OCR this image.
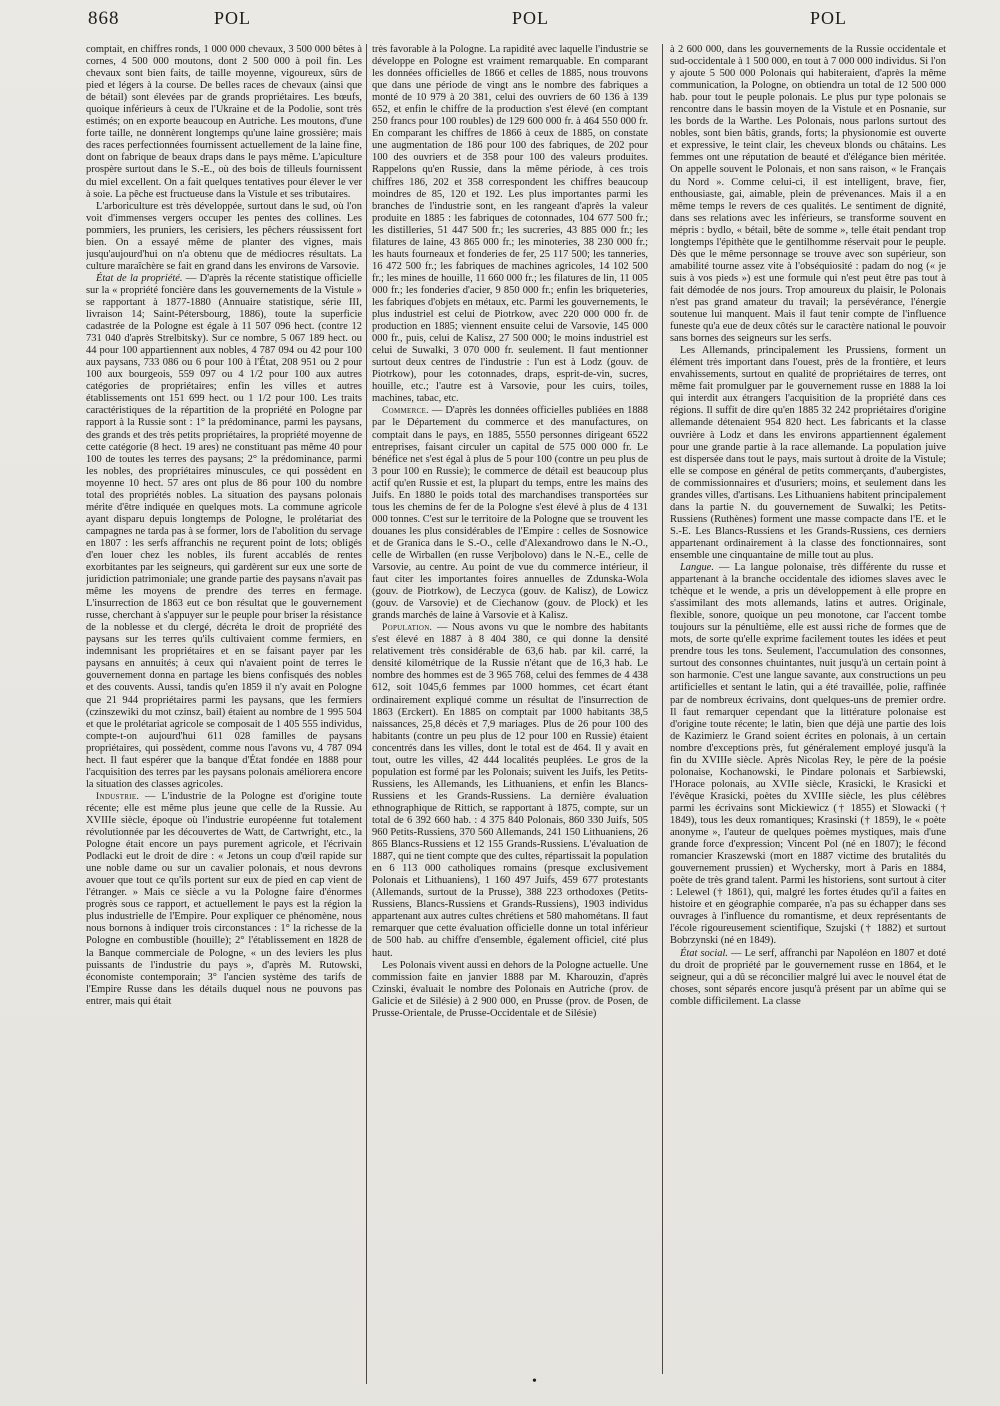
868	POL	POL	POL

comptait, en chiffres ronds, 1 000 000 chevaux, 3 500 000 bêtes à cornes, 4 500 000 moutons, dont 2 500 000 à poil fin. Les chevaux sont bien faits, de taille moyenne, vigoureux, sûrs de pied et légers à la course. De belles races de chevaux (ainsi que de bétail) sont élevées par de grands propriétaires. Les bœufs, quoique inférieurs à ceux de l'Ukraine et de la Podolie, sont très estimés; on en exporte beaucoup en Autriche. Les moutons, d'une forte taille, ne donnèrent longtemps qu'une laine grossière; mais des races perfectionnées fournissent actuellement de la laine fine, dont on fabrique de beaux draps dans le pays même. L'apiculture prospère surtout dans le S.-E., où des bois de tilleuls fournissent du miel excellent. On a fait quelques tentatives pour élever le ver à soie. La pêche est fructueuse dans la Vistule et ses tributaires.

L'arboriculture est très développée, surtout dans le sud, où l'on voit d'immenses vergers occuper les pentes des collines. Les pommiers, les pruniers, les cerisiers, les pêchers réussissent fort bien. On a essayé même de planter des vignes, mais jusqu'aujourd'hui on n'a obtenu que de médiocres résultats. La culture maraîchère se fait en grand dans les environs de Varsovie.

État de la propriété. — D'après la récente statistique officielle sur la « propriété foncière dans les gouvernements de la Vistule » se rapportant à 1877-1880 (Annuaire statistique, série III, livraison 14; Saint-Pétersbourg, 1886), toute la superficie cadastrée de la Pologne est égale à 11 507 096 hect. (contre 12 731 040 d'après Strelbitsky). Sur ce nombre, 5 067 189 hect. ou 44 pour 100 appartiennent aux nobles, 4 787 094 ou 42 pour 100 aux paysans, 733 086 ou 6 pour 100 à l'État, 208 951 ou 2 pour 100 aux bourgeois, 559 097 ou 4 1/2 pour 100 aux autres catégories de propriétaires; enfin les villes et autres établissements ont 151 699 hect. ou 1 1/2 pour 100. Les traits caractéristiques de la répartition de la propriété en Pologne par rapport à la Russie sont : 1° la prédominance, parmi les paysans, des grands et des très petits propriétaires, la propriété moyenne de cette catégorie (8 hect. 19 ares) ne constituant pas même 40 pour 100 de toutes les terres des paysans; 2° la prédominance, parmi les nobles, des propriétaires minuscules, ce qui possèdent en moyenne 10 hect. 57 ares ont plus de 86 pour 100 du nombre total des propriétés nobles. La situation des paysans polonais mérite d'être indiquée en quelques mots. La commune agricole ayant disparu depuis longtemps de Pologne, le prolétariat des campagnes ne tarda pas à se former, lors de l'abolition du servage en 1807 : les serfs affranchis ne reçurent point de lots; obligés d'en louer chez les nobles, ils furent accablés de rentes exorbitantes par les seigneurs, qui gardèrent sur eux une sorte de juridiction patrimoniale; une grande partie des paysans n'avait pas même les moyens de prendre des terres en fermage. L'insurrection de 1863 eut ce bon résultat que le gouvernement russe, cherchant à s'appuyer sur le peuple pour briser la résistance de la noblesse et du clergé, décréta le droit de propriété des paysans sur les terres qu'ils cultivaient comme fermiers, en indemnisant les propriétaires et en se faisant payer par les paysans en annuités; à ceux qui n'avaient point de terres le gouvernement donna en partage les biens confisqués des nobles et des couvents. Aussi, tandis qu'en 1859 il n'y avait en Pologne que 21 944 propriétaires parmi les paysans, que les fermiers (czinszewiki du mot czinsz, bail) étaient au nombre de 1 995 504 et que le prolétariat agricole se composait de 1 405 555 individus, compte-t-on aujourd'hui 611 028 familles de paysans propriétaires, qui possèdent, comme nous l'avons vu, 4 787 094 hect. Il faut espérer que la banque d'État fondée en 1888 pour l'acquisition des terres par les paysans polonais améliorera encore la situation des classes agricoles.

Industrie. — L'industrie de la Pologne est d'origine toute récente; elle est même plus jeune que celle de la Russie. Au XVIIIe siècle, époque où l'industrie européenne fut totalement révolutionnée par les découvertes de Watt, de Cartwright, etc., la Pologne était encore un pays purement agricole, et l'écrivain Podlacki eut le droit de dire : « Jetons un coup d'œil rapide sur une noble dame ou sur un cavalier polonais, et nous devrons avouer que tout ce qu'ils portent sur eux de pied en cap vient de l'étranger. » Mais ce siècle a vu la Pologne faire d'énormes progrès sous ce rapport, et actuellement le pays est la région la plus industrielle de l'Empire. Pour expliquer ce phénomène, nous nous bornons à indiquer trois circonstances : 1° la richesse de la Pologne en combustible (houille); 2° l'établissement en 1828 de la Banque commerciale de Pologne, « un des leviers les plus puissants de l'industrie du pays », d'après M. Rutowski, économiste contemporain; 3° l'ancien système des tarifs de l'Empire Russe dans les détails duquel nous ne pouvons pas entrer, mais qui était

très favorable à la Pologne. La rapidité avec laquelle l'industrie se développe en Pologne est vraiment remarquable. En comparant les données officielles de 1866 et celles de 1885, nous trouvons que dans une période de vingt ans le nombre des fabriques a monté de 10 979 à 20 381, celui des ouvriers de 60 136 à 139 652, et enfin le chiffre de la production s'est élevé (en comptant 250 francs pour 100 roubles) de 129 600 000 fr. à 464 550 000 fr. En comparant les chiffres de 1866 à ceux de 1885, on constate une augmentation de 186 pour 100 des fabriques, de 202 pour 100 des ouvriers et de 358 pour 100 des valeurs produites. Rappelons qu'en Russie, dans la même période, à ces trois chiffres 186, 202 et 358 correspondent les chiffres beaucoup moindres de 85, 120 et 192. Les plus importantes parmi les branches de l'industrie sont, en les rangeant d'après la valeur produite en 1885 : les fabriques de cotonnades, 104 677 500 fr.; les distilleries, 51 447 500 fr.; les sucreries, 43 885 000 fr.; les filatures de laine, 43 865 000 fr.; les minoteries, 38 230 000 fr.; les hauts fourneaux et fonderies de fer, 25 117 500; les tanneries, 16 472 500 fr.; les fabriques de machines agricoles, 14 102 500 fr.; les mines de houille, 11 660 000 fr.; les filatures de lin, 11 005 000 fr.; les fonderies d'acier, 9 850 000 fr.; enfin les briqueteries, les fabriques d'objets en métaux, etc. Parmi les gouvernements, le plus industriel est celui de Piotrkow, avec 220 000 000 fr. de production en 1885; viennent ensuite celui de Varsovie, 145 000 000 fr., puis, celui de Kalisz, 27 500 000; le moins industriel est celui de Suwalki, 3 070 000 fr. seulement. Il faut mentionner surtout deux centres de l'industrie : l'un est à Lodz (gouv. de Piotrkow), pour les cotonnades, draps, esprit-de-vin, sucres, houille, etc.; l'autre est à Varsovie, pour les cuirs, toiles, machines, tabac, etc.

Commerce. — D'après les données officielles publiées en 1888 par le Département du commerce et des manufactures, on comptait dans le pays, en 1885, 5550 personnes dirigeant 6522 entreprises, faisant circuler un capital de 575 000 000 fr. Le bénéfice net s'est égal à plus de 5 pour 100 (contre un peu plus de 3 pour 100 en Russie); le commerce de détail est beaucoup plus actif qu'en Russie et est, la plupart du temps, entre les mains des Juifs. En 1880 le poids total des marchandises transportées sur tous les chemins de fer de la Pologne s'est élevé à plus de 4 131 000 tonnes. C'est sur le territoire de la Pologne que se trouvent les douanes les plus considérables de l'Empire : celles de Sosnowice et de Granica dans le S.-O., celle d'Alexandrowo dans le N.-O., celle de Wirballen (en russe Verjbolovo) dans le N.-E., celle de Varsovie, au centre. Au point de vue du commerce intérieur, il faut citer les importantes foires annuelles de Zdunska-Wola (gouv. de Piotrkow), de Leczyca (gouv. de Kalisz), de Lowicz (gouv. de Varsovie) et de Ciechanow (gouv. de Plock) et les grands marchés de laine à Varsovie et à Kalisz.

Population. — Nous avons vu que le nombre des habitants s'est élevé en 1887 à 8 404 380, ce qui donne la densité relativement très considérable de 63,6 hab. par kil. carré, la densité kilométrique de la Russie n'étant que de 16,3 hab. Le nombre des hommes est de 3 965 768, celui des femmes de 4 438 612, soit 1045,6 femmes par 1000 hommes, cet écart étant ordinairement expliqué comme un résultat de l'insurrection de 1863 (Erckert). En 1885 on comptait par 1000 habitants 38,5 naissances, 25,8 décès et 7,9 mariages. Plus de 26 pour 100 des habitants (contre un peu plus de 12 pour 100 en Russie) étaient concentrés dans les villes, dont le total est de 464. Il y avait en tout, outre les villes, 42 444 localités peuplées. Le gros de la population est formé par les Polonais; suivent les Juifs, les Petits-Russiens, les Allemands, les Lithuaniens, et enfin les Blancs-Russiens et les Grands-Russiens. La dernière évaluation ethnographique de Rittich, se rapportant à 1875, compte, sur un total de 6 392 660 hab. : 4 375 840 Polonais, 860 330 Juifs, 505 960 Petits-Russiens, 370 560 Allemands, 241 150 Lithuaniens, 26 865 Blancs-Russiens et 12 155 Grands-Russiens. L'évaluation de 1887, qui ne tient compte que des cultes, répartissait la population en 6 113 000 catholiques romains (presque exclusivement Polonais et Lithuaniens), 1 160 497 Juifs, 459 677 protestants (Allemands, surtout de la Prusse), 388 223 orthodoxes (Petits-Russiens, Blancs-Russiens et Grands-Russiens), 1903 individus appartenant aux autres cultes chrétiens et 580 mahométans. Il faut remarquer que cette évaluation officielle donne un total inférieur de 500 hab. au chiffre d'ensemble, également officiel, cité plus haut.

Les Polonais vivent aussi en dehors de la Pologne actuelle. Une commission faite en janvier 1888 par M. Kharouzin, d'après Czinski, évaluait le nombre des Polonais en Autriche (prov. de Galicie et de Silésie) à 2 900 000, en Prusse (prov. de Posen, de Prusse-Orientale, de Prusse-Occidentale et de Silésie)

à 2 600 000, dans les gouvernements de la Russie occidentale et sud-occidentale à 1 500 000, en tout à 7 000 000 individus. Si l'on y ajoute 5 500 000 Polonais qui habiteraient, d'après la même communication, la Pologne, on obtiendra un total de 12 500 000 hab. pour tout le peuple polonais. Le plus pur type polonais se rencontre dans le bassin moyen de la Vistule et en Posnanie, sur les bords de la Warthe. Les Polonais, nous parlons surtout des nobles, sont bien bâtis, grands, forts; la physionomie est ouverte et expressive, le teint clair, les cheveux blonds ou châtains. Les femmes ont une réputation de beauté et d'élégance bien méritée. On appelle souvent le Polonais, et non sans raison, « le Français du Nord ». Comme celui-ci, il est intelligent, brave, fier, enthousiaste, gai, aimable, plein de prévenances. Mais il a en même temps le revers de ces qualités. Le sentiment de dignité, dans ses relations avec les inférieurs, se transforme souvent en mépris : bydlo, « bétail, bête de somme », telle était pendant trop longtemps l'épithète que le gentilhomme réservait pour le peuple. Dès que le même personnage se trouve avec son supérieur, son amabilité tourne assez vite à l'obséquiosité : padam do nog (« je suis à vos pieds ») est une formule qui n'est peut être pas tout à fait démodée de nos jours. Trop amoureux du plaisir, le Polonais n'est pas grand amateur du travail; la persévérance, l'énergie soutenue lui manquent. Mais il faut tenir compte de l'influence funeste qu'a eue de deux côtés sur le caractère national le pouvoir sans bornes des seigneurs sur les serfs.

Les Allemands, principalement les Prussiens, forment un élément très important dans l'ouest, près de la frontière, et leurs envahissements, surtout en qualité de propriétaires de terres, ont même fait promulguer par le gouvernement russe en 1888 la loi qui interdit aux étrangers l'acquisition de la propriété dans ces régions. Il suffit de dire qu'en 1885 32 242 propriétaires d'origine allemande détenaient 954 820 hect. Les fabricants et la classe ouvrière à Lodz et dans les environs appartiennent également pour une grande partie à la race allemande. La population juive est dispersée dans tout le pays, mais surtout à droite de la Vistule; elle se compose en général de petits commerçants, d'aubergistes, de commissionnaires et d'usuriers; moins, et seulement dans les grandes villes, d'artisans. Les Lithuaniens habitent principalement dans la partie N. du gouvernement de Suwalki; les Petits-Russiens (Ruthènes) forment une masse compacte dans l'E. et le S.-E. Les Blancs-Russiens et les Grands-Russiens, ces derniers appartenant ordinairement à la classe des fonctionnaires, sont ensemble une cinquantaine de mille tout au plus.

Langue. — La langue polonaise, très différente du russe et appartenant à la branche occidentale des idiomes slaves avec le tchèque et le wende, a pris un développement à elle propre en s'assimilant des mots allemands, latins et autres. Originale, flexible, sonore, quoique un peu monotone, car l'accent tombe toujours sur la pénultième, elle est aussi riche de formes que de mots, de sorte qu'elle exprime facilement toutes les idées et peut prendre tous les tons. Seulement, l'accumulation des consonnes, surtout des consonnes chuintantes, nuit jusqu'à un certain point à son harmonie. C'est une langue savante, aux constructions un peu artificielles et sentant le latin, qui a été travaillée, polie, raffinée par de nombreux écrivains, dont quelques-uns de premier ordre. Il faut remarquer cependant que la littérature polonaise est d'origine toute récente; le latin, bien que déjà une partie des lois de Kazimierz le Grand soient écrites en polonais, à un certain nombre d'exceptions près, fut généralement employé jusqu'à la fin du XVIIIe siècle. Après Nicolas Rey, le père de la poésie polonaise, Kochanowski, le Pindare polonais et Sarbiewski, l'Horace polonais, au XVIIe siècle, Krasicki, le Krasicki et l'évêque Krasicki, poètes du XVIIIe siècle, les plus célèbres parmi les écrivains sont Mickiewicz († 1855) et Slowacki († 1849), tous les deux romantiques; Krasinski († 1859), le « poète anonyme », l'auteur de quelques poèmes mystiques, mais d'une grande force d'expression; Vincent Pol (né en 1807); le fécond romancier Kraszewski (mort en 1887 victime des brutalités du gouvernement prussien) et Wychersky, mort à Paris en 1884, poète de très grand talent. Parmi les historiens, sont surtout à citer : Lelewel († 1861), qui, malgré les fortes études qu'il a faites en histoire et en géographie comparée, n'a pas su échapper dans ses ouvrages à l'influence du romantisme, et deux représentants de l'école rigoureusement scientifique, Szujski († 1882) et surtout Bobrzynski (né en 1849).

État social. — Le serf, affranchi par Napoléon en 1807 et doté du droit de propriété par le gouvernement russe en 1864, et le seigneur, qui a dû se réconcilier malgré lui avec le nouvel état de choses, sont séparés encore jusqu'à présent par un abîme qui se comble difficilement. La classe

•
